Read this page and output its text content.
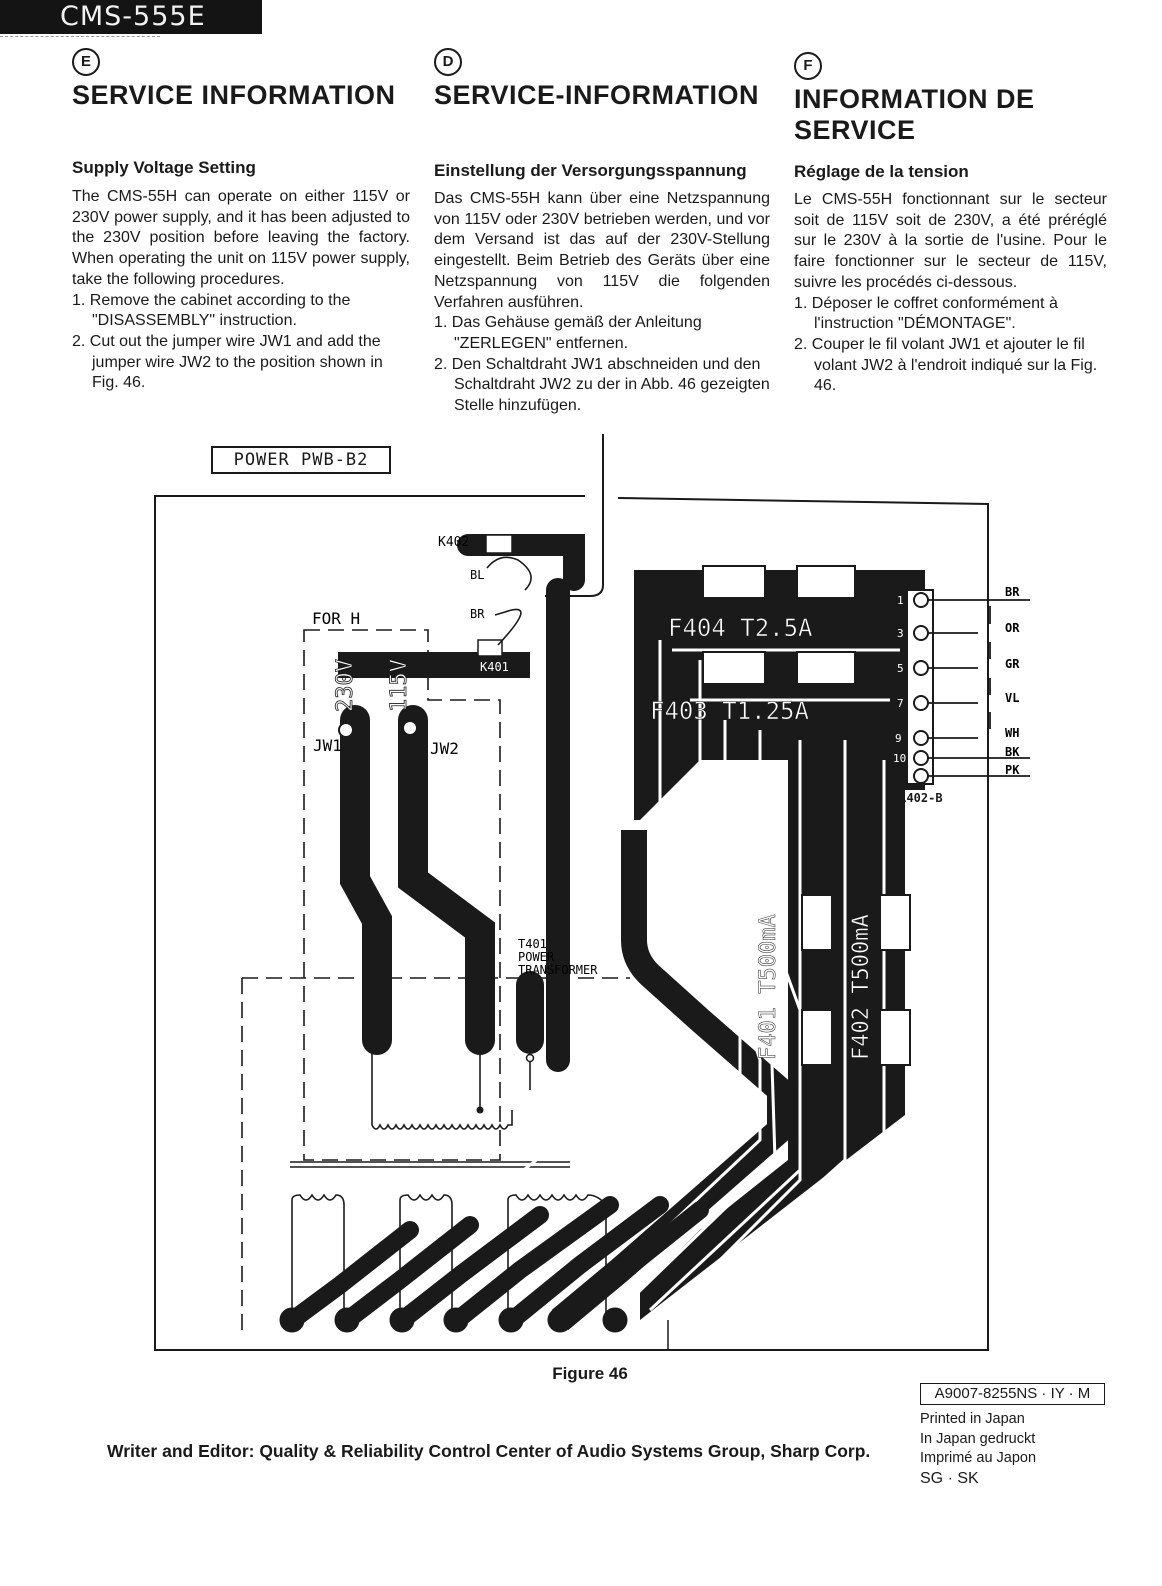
CMS-555E
E
SERVICE INFORMATION
Supply Voltage Setting

The CMS-55H can operate on either 115V or 230V power supply, and it has been adjusted to the 230V position before leaving the factory. When operating the unit on 115V power supply, take the following procedures.

1. Remove the cabinet according to the "DISASSEMBLY" instruction.
2. Cut out the jumper wire JW1 and add the jumper wire JW2 to the position shown in Fig. 46.
D
SERVICE-INFORMATION
Einstellung der Versorgungsspannung

Das CMS-55H kann über eine Netzspannung von 115V oder 230V betrieben werden, und vor dem Versand ist das auf der 230V-Stellung eingestellt. Beim Betrieb des Geräts über eine Netzspannung von 115V die folgenden Verfahren ausführen.

1. Das Gehäuse gemäß der Anleitung "ZERLEGEN" entfernen.
2. Den Schaltdraht JW1 abschneiden und den Schaltdraht JW2 zu der in Abb. 46 gezeigten Stelle hinzufügen.
F
INFORMATION DE
SERVICE
Réglage de la tension

Le CMS-55H fonctionnant sur le secteur soit de 115V soit de 230V, a été préréglé sur le 230V à la sortie de l'usine. Pour le faire fonctionner sur le secteur de 115V, suivre les procédés ci-dessous.

1. Déposer le coffret conformément à l'instruction "DÉMONTAGE".
2. Couper le fil volant JW1 et ajouter le fil volant JW2 à l'endroit indiqué sur la Fig. 46.
POWER PWB-B2
F404 T2.5A
F403 T1.25A
F401 T500mA	F402 T500mA
1
3
5
7
9
10
BR
OR
GR
VL
WH
BK
PK
B1402-B
K402
K401
BL
BR
FOR H
230V 115V
JW1	JW2
T401 POWER TRANSFORMER
Figure 46
A9007-8255NS · IY · M
Printed in Japan
In Japan gedruckt
Imprimé au Japon
SG · SK
Writer and Editor: Quality & Reliability Control Center of Audio Systems Group, Sharp Corp.
